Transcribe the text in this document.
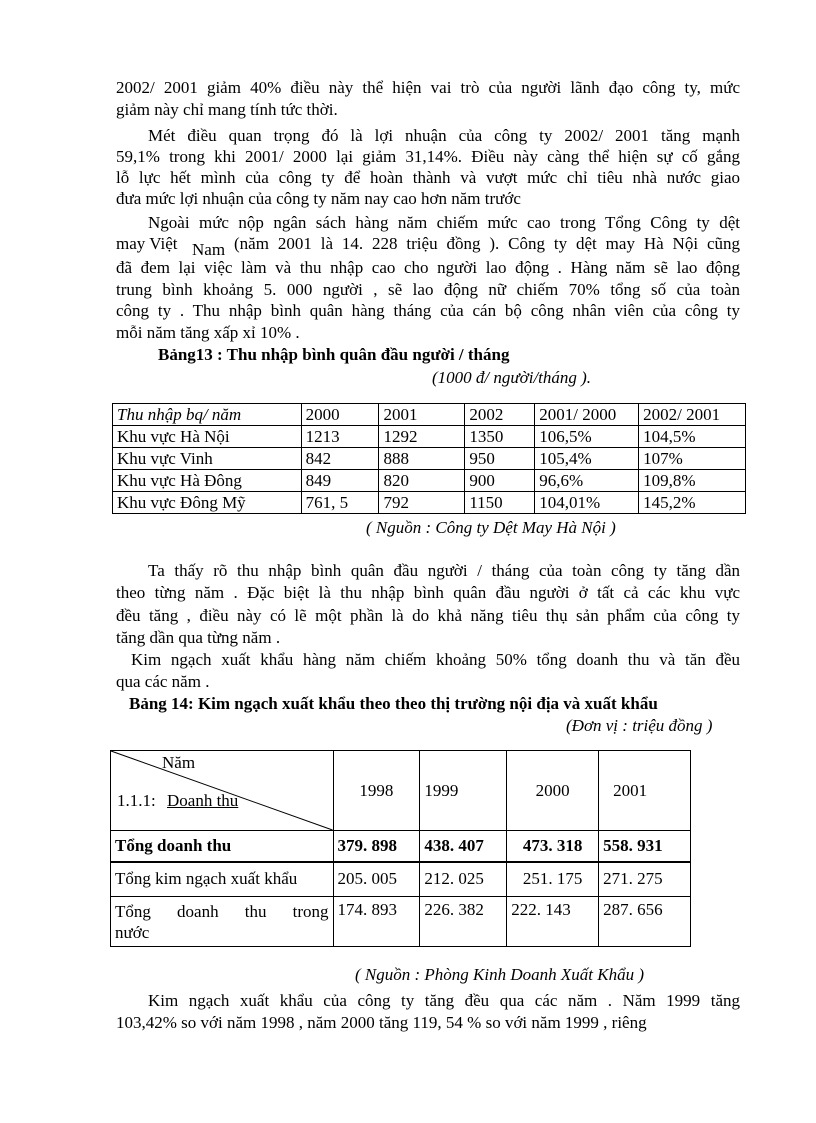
2002/ 2001 giảm 40% điều này thể hiện vai trò của người lãnh đạo công ty, mức
giảm này chỉ mang tính tức thời.
Mét điều quan trọng đó là lợi nhuận của công ty 2002/ 2001 tăng mạnh
59,1% trong khi 2001/ 2000 lại giảm 31,14%. Điều này càng thể hiện sự cố gắng
lỗ lực hết mình của công ty để hoàn thành và vượt mức chỉ tiêu nhà nước giao
đưa mức lợi nhuận của công ty năm nay cao hơn năm trước
Ngoài mức nộp ngân sách hàng năm chiếm mức cao trong Tổng Công ty dệt
may Việt Nam (năm 2001 là 14. 228 triệu đồng ). Công ty dệt may Hà Nội cũng
đã đem lại việc làm và thu nhập cao cho người lao động . Hàng năm sẽ lao động
trung bình khoảng 5. 000 người , sẽ lao động nữ chiếm 70% tổng số của toàn
công ty . Thu nhập bình quân hàng tháng của cán bộ công nhân viên của công ty
mỗi năm tăng xấp xỉ 10% .
Bảng13 : Thu nhập bình quân đầu người / tháng
(1000 đ/ người/tháng ).
Thu nhập bq/ năm	2000	2001	2002	2001/ 2000	2002/ 2001
Khu vực Hà Nội	1213	1292	1350	106,5%	104,5%
Khu vực Vinh	842	888	950	105,4%	107%
Khu vực Hà Đông	849	820	900	96,6%	109,8%
Khu vực Đông Mỹ	761, 5	792	1150	104,01%	145,2%
( Nguồn : Công ty Dệt May Hà Nội )
Ta thấy rõ thu nhập bình quân đầu người / tháng của toàn công ty tăng dần
theo từng năm . Đặc biệt là thu nhập bình quân đầu người ở tất cả các khu vực
đều tăng , điều này có lẽ một phần là do khả năng tiêu thụ sản phẩm của công ty
tăng dần qua từng năm .
Kim ngạch xuất khẩu hàng năm chiếm khoảng 50% tổng doanh thu và tăn đều
qua các năm .
Bảng 14: Kim ngạch xuất khẩu theo theo thị trường nội địa và xuất khẩu
(Đơn vị : triệu đồng )
Năm
1.1.1: Doanh thu	1998	1999	2000	2001
Tổng doanh thu	379. 898	438. 407	473. 318	558. 931
Tổng kim ngạch xuất khẩu	205. 005	212. 025	251. 175	271. 275

Tổng doanh thu trong
nước	174. 893	226. 382	222. 143	287. 656
( Nguồn : Phòng Kinh Doanh Xuất Khẩu )
Kim ngạch xuất khẩu của công ty tăng đều qua các năm . Năm 1999 tăng
103,42% so với năm 1998 , năm 2000 tăng 119, 54 % so với năm 1999 , riêng
